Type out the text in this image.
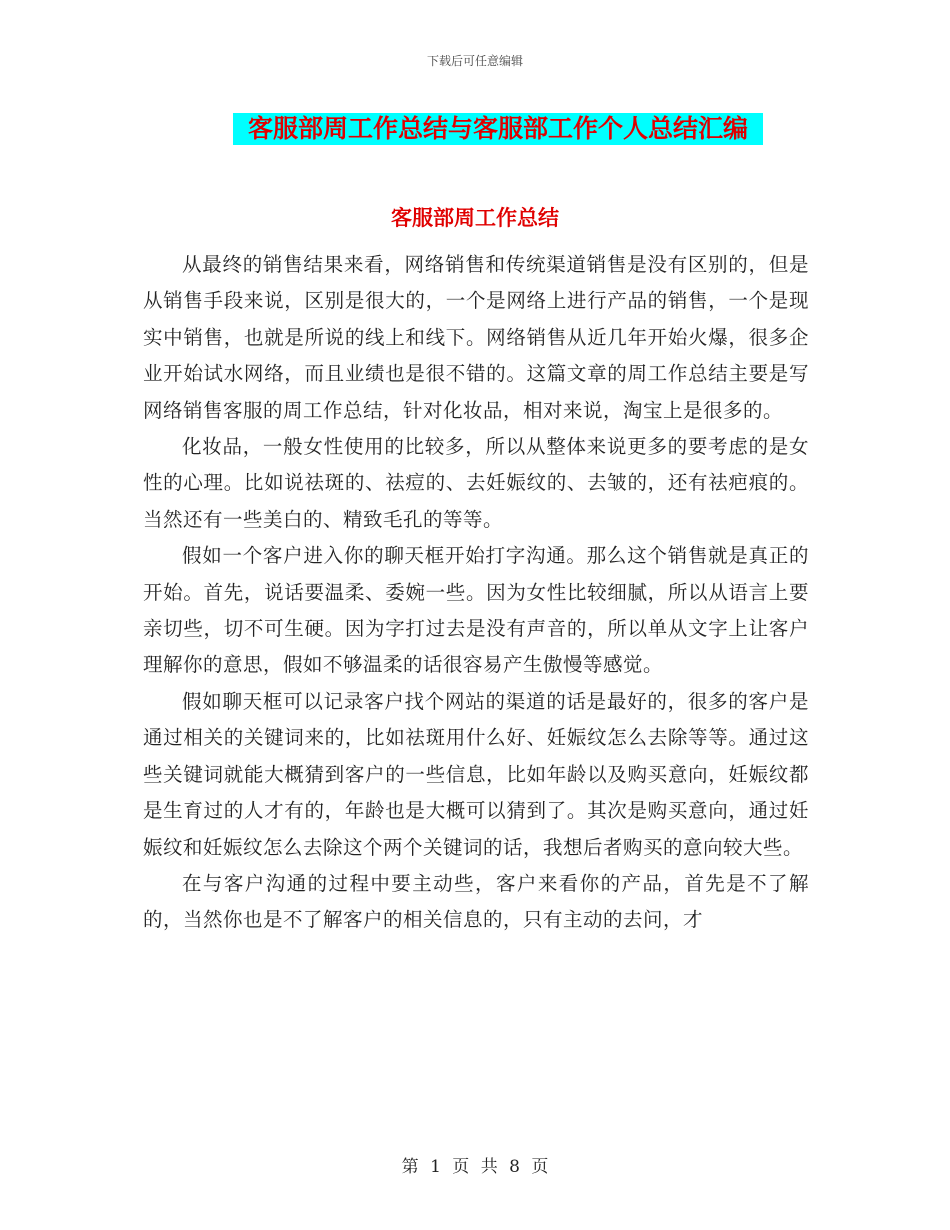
下载后可任意编辑
客服部周工作总结与客服部工作个人总结汇编
客服部周工作总结

从最终的销售结果来看，网络销售和传统渠道销售是没有区别的，但是从销售手段来说，区别是很大的，一个是网络上进行产品的销售，一个是现实中销售，也就是所说的线上和线下。网络销售从近几年开始火爆，很多企业开始试水网络，而且业绩也是很不错的。这篇文章的周工作总结主要是写网络销售客服的周工作总结，针对化妆品，相对来说，淘宝上是很多的。

化妆品，一般女性使用的比较多，所以从整体来说更多的要考虑的是女性的心理。比如说祛斑的、祛痘的、去妊娠纹的、去皱的，还有祛疤痕的。当然还有一些美白的、精致毛孔的等等。

假如一个客户进入你的聊天框开始打字沟通。那么这个销售就是真正的开始。首先，说话要温柔、委婉一些。因为女性比较细腻，所以从语言上要亲切些，切不可生硬。因为字打过去是没有声音的，所以单从文字上让客户理解你的意思，假如不够温柔的话很容易产生傲慢等感觉。

假如聊天框可以记录客户找个网站的渠道的话是最好的，很多的客户是通过相关的关键词来的，比如祛斑用什么好、妊娠纹怎么去除等等。通过这些关键词就能大概猜到客户的一些信息，比如年龄以及购买意向，妊娠纹都是生育过的人才有的，年龄也是大概可以猜到了。其次是购买意向，通过妊娠纹和妊娠纹怎么去除这个两个关键词的话，我想后者购买的意向较大些。

在与客户沟通的过程中要主动些，客户来看你的产品，首先是不了解的，当然你也是不了解客户的相关信息的，只有主动的去问，才

第 1 页 共 8 页
